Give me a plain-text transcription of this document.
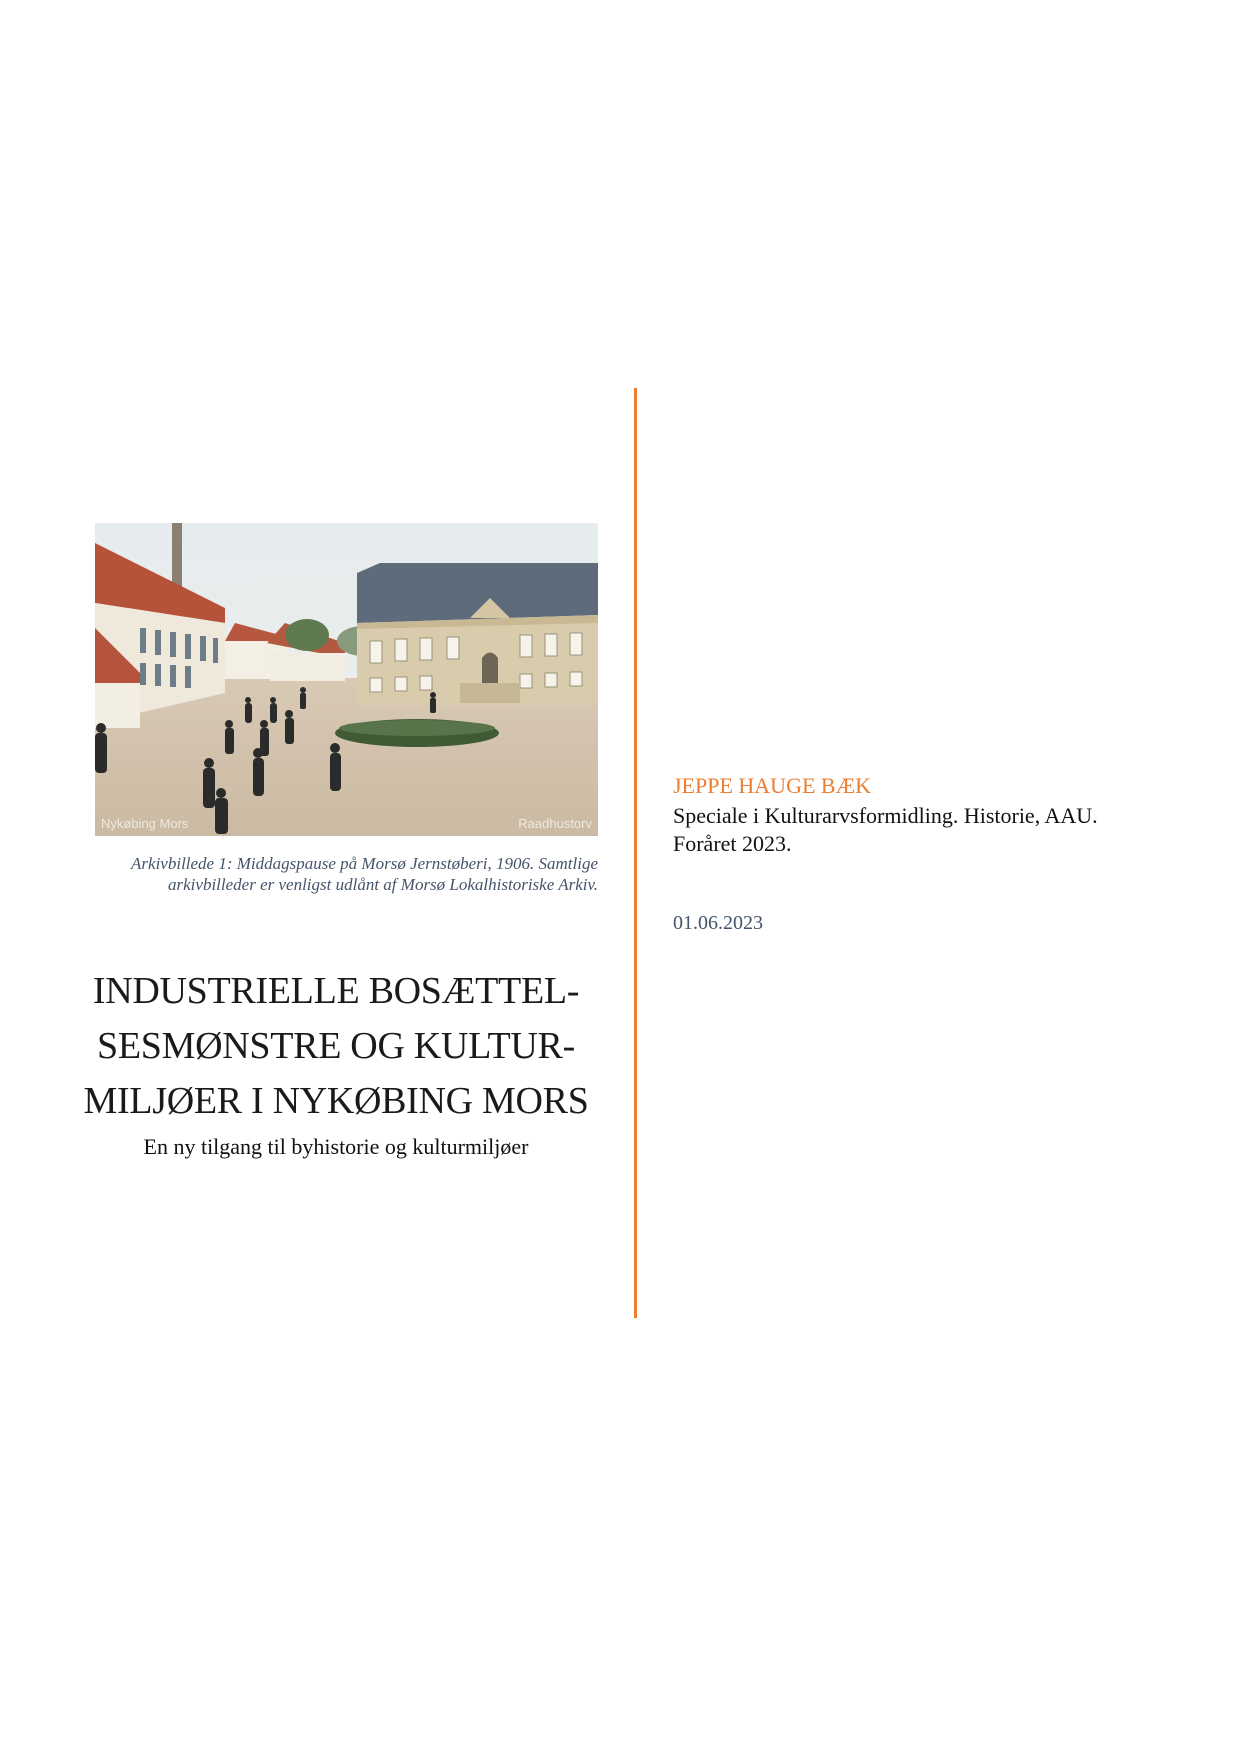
Nykøbing Mors	Raadhustorv
Arkivbillede 1: Middagspause på Morsø Jernstøberi, 1906. Samtlige
arkivbilleder er venligst udlånt af Morsø Lokalhistoriske Arkiv.
INDUSTRIELLE BOSÆTTEL-
SESMØNSTRE OG KULTUR-
MILJØER I NYKØBING MORS
En ny tilgang til byhistorie og kulturmiljøer
JEPPE HAUGE BÆK
Speciale i Kulturarvsformidling. Historie, AAU.
Foråret 2023.
01.06.2023
